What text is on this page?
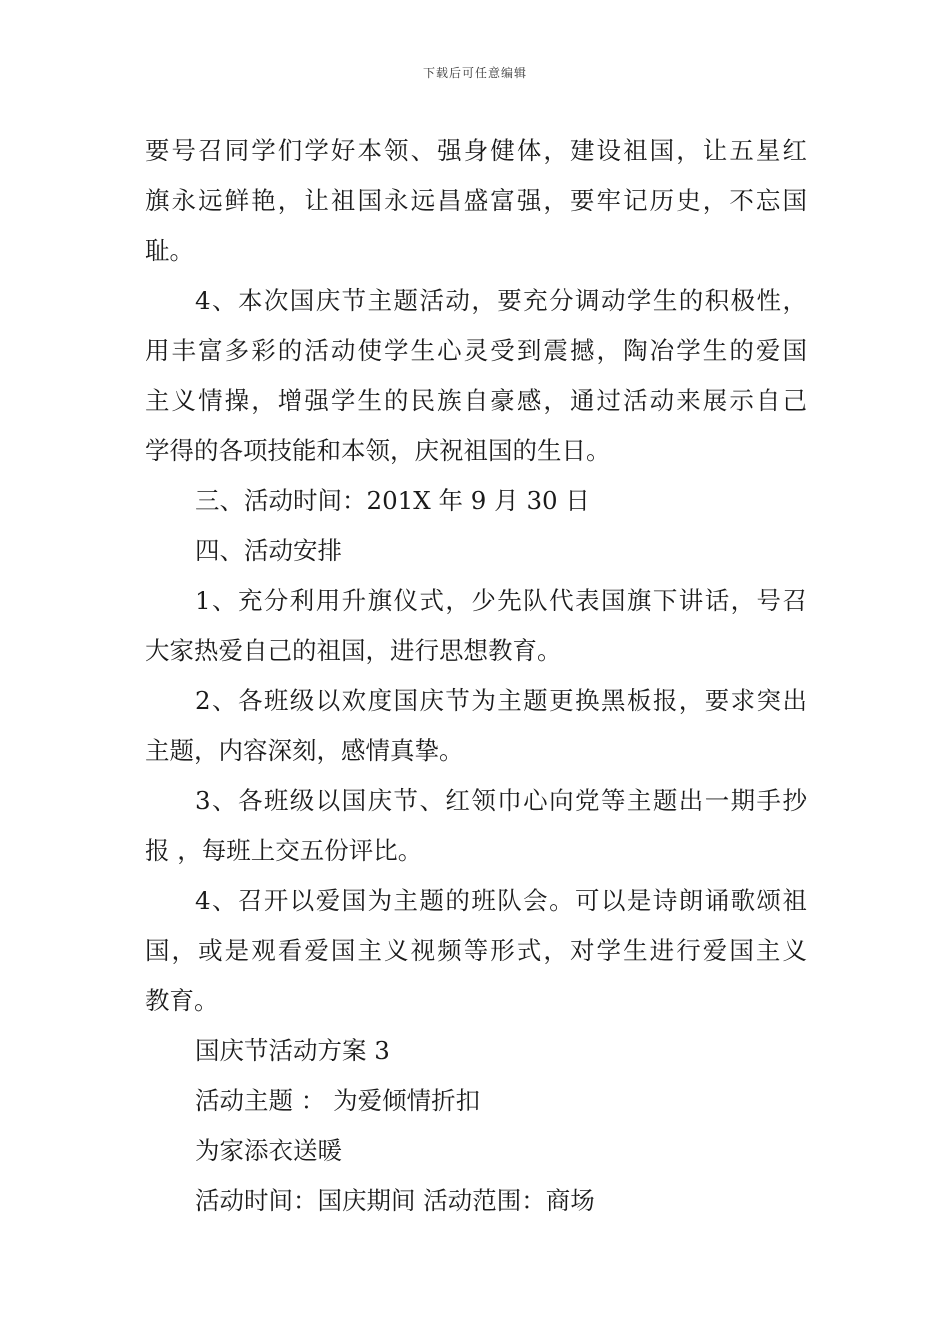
下载后可任意编辑
要号召同学们学好本领、强身健体，建设祖国，让五星红
旗永远鲜艳，让祖国永远昌盛富强，要牢记历史，不忘国
耻。
4、本次国庆节主题活动，要充分调动学生的积极性，
用丰富多彩的活动使学生心灵受到震撼，陶冶学生的爱国
主义情操，增强学生的民族自豪感，通过活动来展示自己
学得的各项技能和本领，庆祝祖国的生日。
三、活动时间：201X 年 9 月 30 日
四、活动安排
1、充分利用升旗仪式，少先队代表国旗下讲话，号召
大家热爱自己的祖国，进行思想教育。
2、各班级以欢度国庆节为主题更换黑板报，要求突出
主题，内容深刻，感情真挚。
3、各班级以国庆节、红领巾心向党等主题出一期手抄
报 ，每班上交五份评比。
4、召开以爱国为主题的班队会。可以是诗朗诵歌颂祖
国，或是观看爱国主义视频等形式，对学生进行爱国主义
教育。
国庆节活动方案 3
活动主题 ： 为爱倾情折扣
为家添衣送暖
活动时间：国庆期间 活动范围：商场
